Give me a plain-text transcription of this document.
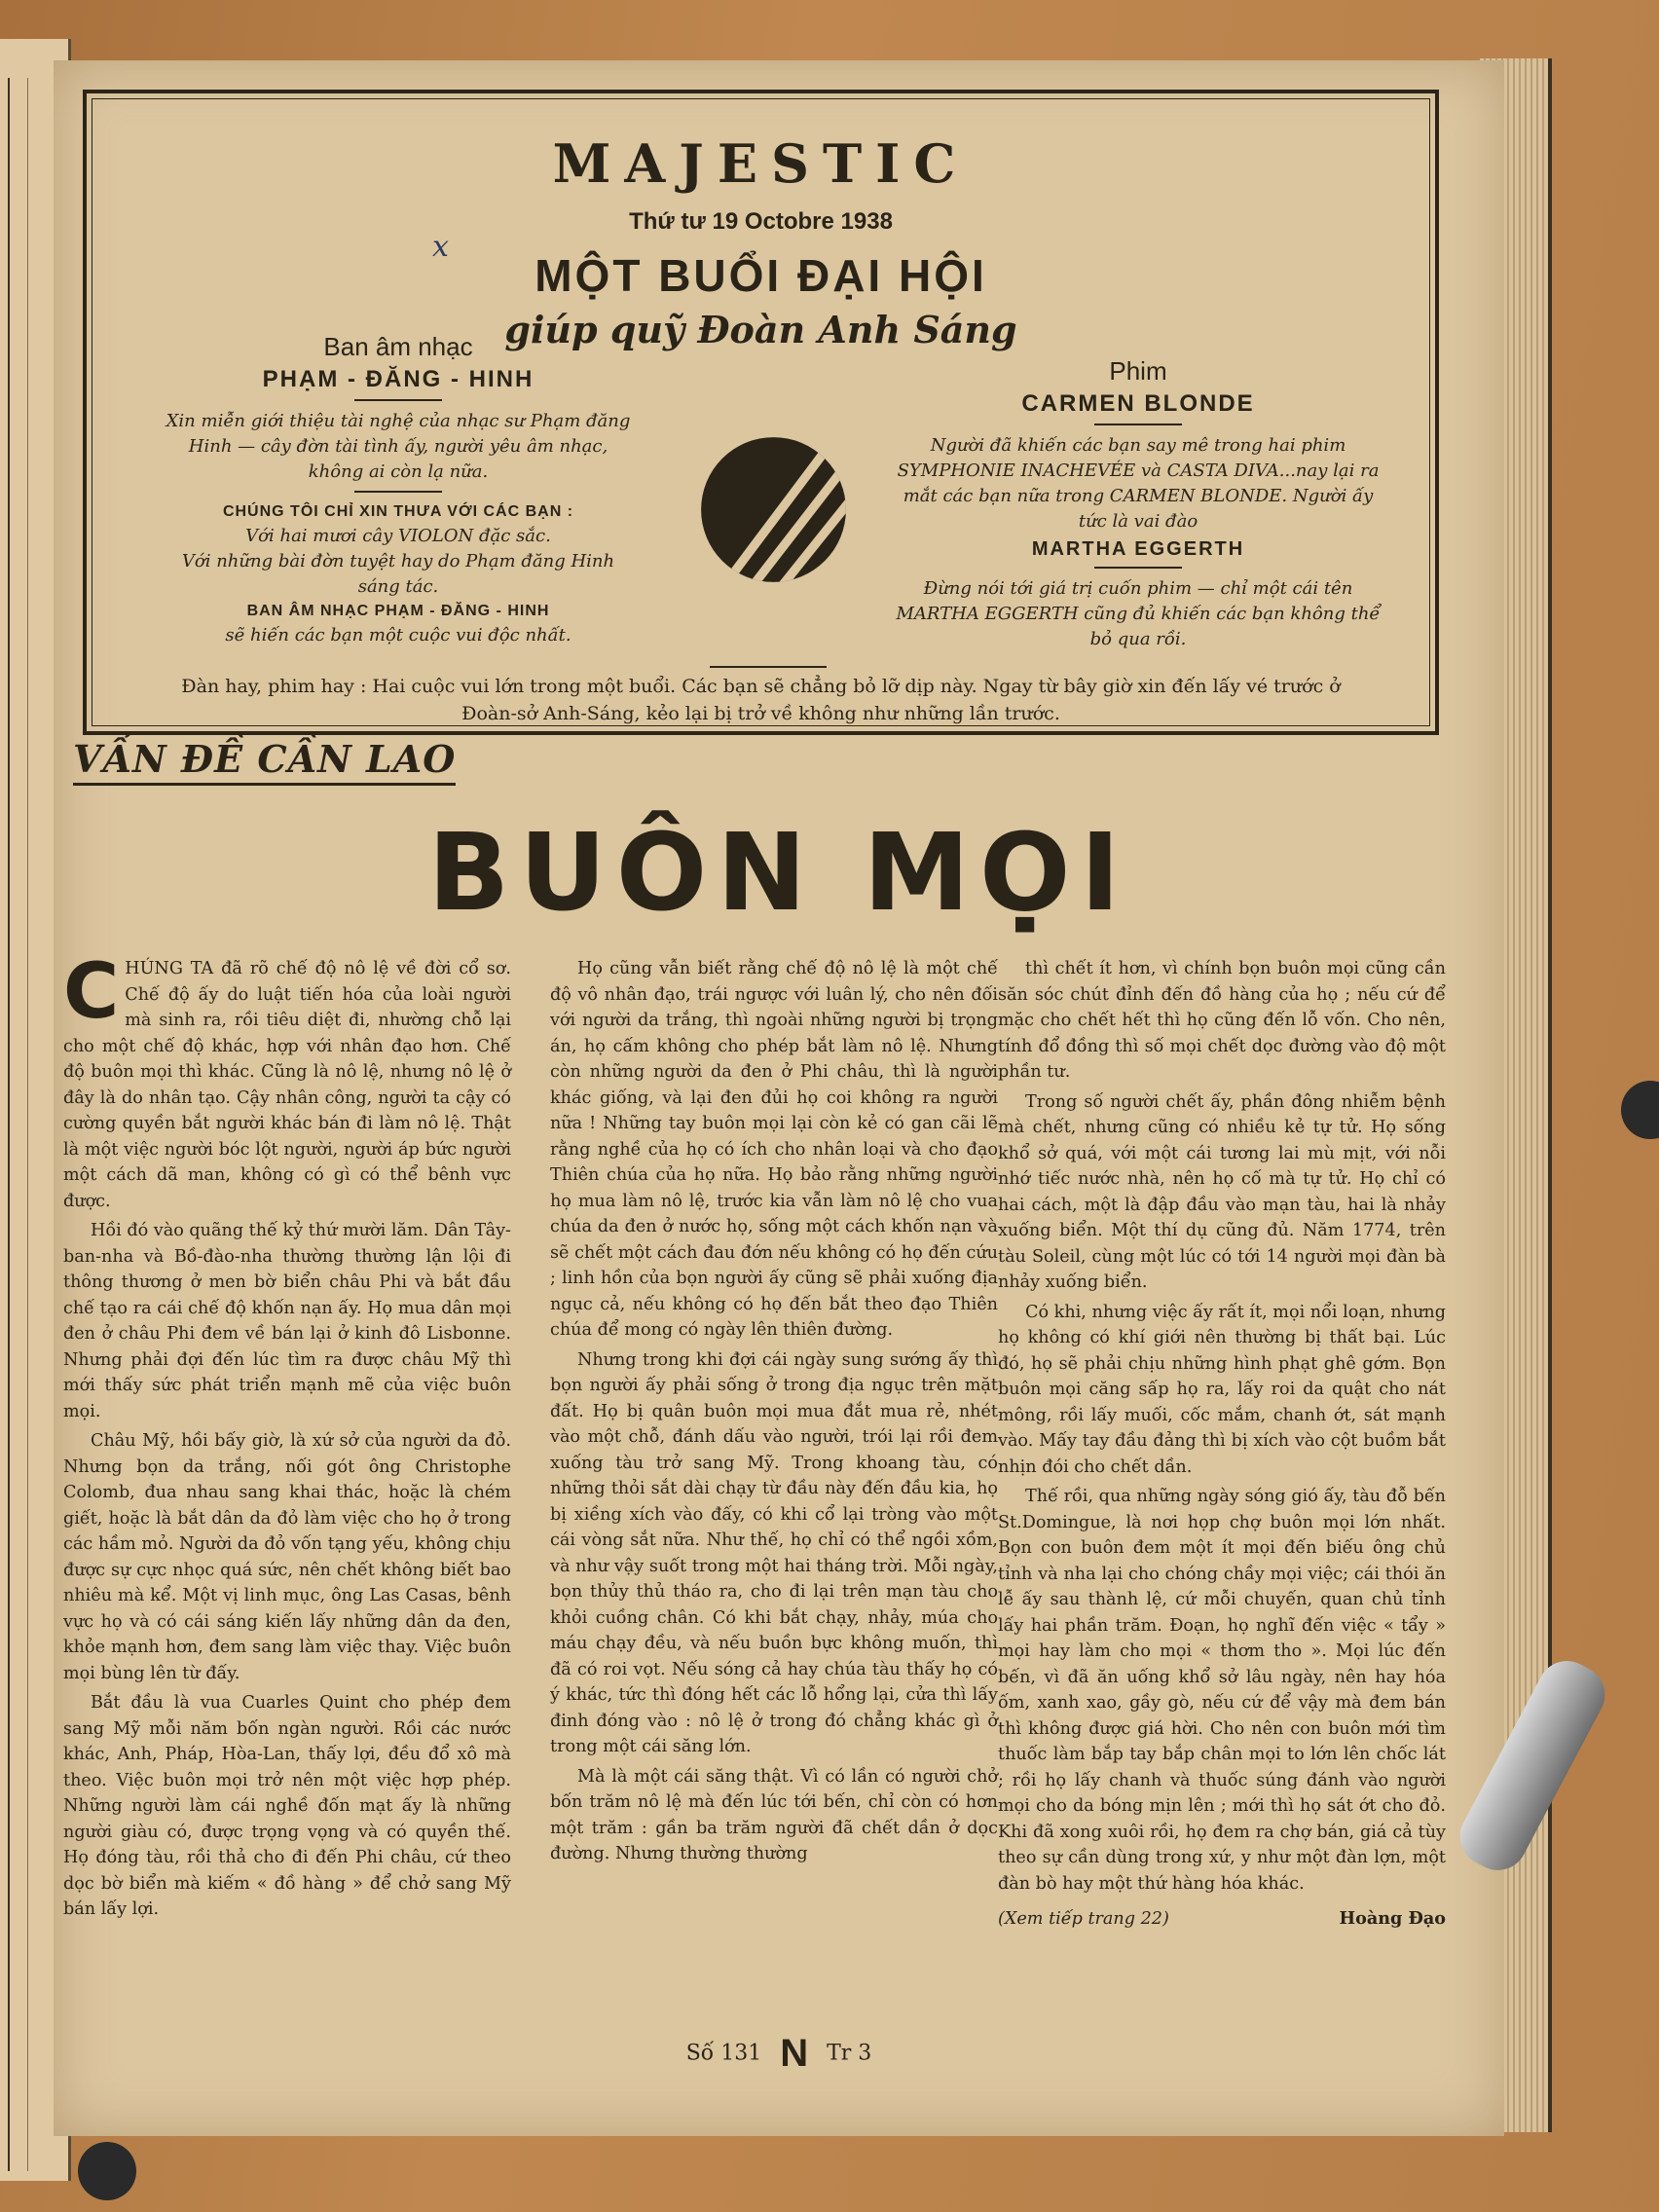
MAJESTIC
Thứ tư 19 Octobre 1938
x
MỘT BUỔI ĐẠI HỘI
giúp quỹ Đoàn Anh Sáng
Ban âm nhạc
PHẠM - ĐĂNG - HINH
Xin miễn giới thiệu tài nghệ của nhạc sư Phạm đăng Hinh — cây đờn tài tình ấy, người yêu âm nhạc, không ai còn lạ nữa.
CHÚNG TÔI CHỈ XIN THƯA VỚI CÁC BẠN :
Với hai mươi cây VIOLON đặc sắc.
Với những bài đờn tuyệt hay do Phạm đăng Hinh sáng tác.
BAN ÂM NHẠC PHẠM - ĐĂNG - HINH
sẽ hiến các bạn một cuộc vui độc nhất.
Phim
CARMEN BLONDE
Người đã khiến các bạn say mê trong hai phim SYMPHONIE INACHEVÉE và CASTA DIVA...nay lại ra mắt các bạn nữa trong CARMEN BLONDE. Người ấy tức là vai đào
MARTHA EGGERTH
Đừng nói tới giá trị cuốn phim — chỉ một cái tên MARTHA EGGERTH cũng đủ khiến các bạn không thể bỏ qua rồi.
Đàn hay, phim hay : Hai cuộc vui lớn trong một buổi. Các bạn sẽ chẳng bỏ lỡ dịp này. Ngay từ bây giờ xin đến lấy vé trước ở Đoàn-sở Anh-Sáng, kẻo lại bị trở về không như những lần trước.
VẤN ĐỀ CẦN LAO
BUÔN MỌI

CHÚNG TA đã rõ chế độ nô lệ về đời cổ sơ. Chế độ ấy do luật tiến hóa của loài người mà sinh ra, rồi tiêu diệt đi, nhường chỗ lại cho một chế độ khác, hợp với nhân đạo hơn. Chế độ buôn mọi thì khác. Cũng là nô lệ, nhưng nô lệ ở đây là do nhân tạo. Cậy nhân công, người ta cậy có cường quyền bắt người khác bán đi làm nô lệ. Thật là một việc người bóc lột người, người áp bức người một cách dã man, không có gì có thể bênh vực được.

Hồi đó vào quãng thế kỷ thứ mười lăm. Dân Tây-ban-nha và Bồ-đào-nha thường thường lận lội đi thông thương ở men bờ biển châu Phi và bắt đầu chế tạo ra cái chế độ khốn nạn ấy. Họ mua dân mọi đen ở châu Phi đem về bán lại ở kinh đô Lisbonne. Nhưng phải đợi đến lúc tìm ra được châu Mỹ thì mới thấy sức phát triển mạnh mẽ của việc buôn mọi.

Châu Mỹ, hồi bấy giờ, là xứ sở của người da đỏ. Nhưng bọn da trắng, nối gót ông Christophe Colomb, đua nhau sang khai thác, hoặc là chém giết, hoặc là bắt dân da đỏ làm việc cho họ ở trong các hầm mỏ. Người da đỏ vốn tạng yếu, không chịu được sự cực nhọc quá sức, nên chết không biết bao nhiêu mà kể. Một vị linh mục, ông Las Casas, bênh vực họ và có cái sáng kiến lấy những dân da đen, khỏe mạnh hơn, đem sang làm việc thay. Việc buôn mọi bùng lên từ đấy.

Bắt đầu là vua Cuarles Quint cho phép đem sang Mỹ mỗi năm bốn ngàn người. Rồi các nước khác, Anh, Pháp, Hòa-Lan, thấy lợi, đều đổ xô mà theo. Việc buôn mọi trở nên một việc hợp phép. Những người làm cái nghề đốn mạt ấy là những người giàu có, được trọng vọng và có quyền thế. Họ đóng tàu, rồi thả cho đi đến Phi châu, cứ theo dọc bờ biển mà kiếm « đồ hàng » để chở sang Mỹ bán lấy lợi.

Họ cũng vẫn biết rằng chế độ nô lệ là một chế độ vô nhân đạo, trái ngược với luân lý, cho nên đối với người da trắng, thì ngoài những người bị trọng án, họ cấm không cho phép bắt làm nô lệ. Nhưng còn những người da đen ở Phi châu, thì là người khác giống, và lại đen đủi họ coi không ra người nữa ! Những tay buôn mọi lại còn kẻ có gan cãi lẽ rằng nghề của họ có ích cho nhân loại và cho đạo Thiên chúa của họ nữa. Họ bảo rằng những người họ mua làm nô lệ, trước kia vẫn làm nô lệ cho vua chúa da đen ở nước họ, sống một cách khốn nạn và sẽ chết một cách đau đớn nếu không có họ đến cứu ; linh hồn của bọn người ấy cũng sẽ phải xuống địa ngục cả, nếu không có họ đến bắt theo đạo Thiên chúa để mong có ngày lên thiên đường.

Nhưng trong khi đợi cái ngày sung sướng ấy thì bọn người ấy phải sống ở trong địa ngục trên mặt đất. Họ bị quân buôn mọi mua đắt mua rẻ, nhét vào một chỗ, đánh dấu vào người, trói lại rồi đem xuống tàu trở sang Mỹ. Trong khoang tàu, có những thỏi sắt dài chạy từ đầu này đến đầu kia, họ bị xiềng xích vào đấy, có khi cổ lại tròng vào một cái vòng sắt nữa. Như thế, họ chỉ có thể ngồi xồm, và như vậy suốt trong một hai tháng trời. Mỗi ngày, bọn thủy thủ tháo ra, cho đi lại trên mạn tàu cho khỏi cuồng chân. Có khi bắt chạy, nhảy, múa cho máu chạy đều, và nếu buồn bực không muốn, thì đã có roi vọt. Nếu sóng cả hay chúa tàu thấy họ có ý khác, tức thì đóng hết các lỗ hổng lại, cửa thì lấy đinh đóng vào : nô lệ ở trong đó chẳng khác gì ở trong một cái săng lớn.

Mà là một cái săng thật. Vì có lần có người chở bốn trăm nô lệ mà đến lúc tới bến, chỉ còn có hơn một trăm : gần ba trăm người đã chết dần ở dọc đường. Nhưng thường thường

thì chết ít hơn, vì chính bọn buôn mọi cũng cần săn sóc chút đỉnh đến đồ hàng của họ ; nếu cứ để mặc cho chết hết thì họ cũng đến lỗ vốn. Cho nên, tính đổ đồng thì số mọi chết dọc đường vào độ một phần tư.

Trong số người chết ấy, phần đông nhiễm bệnh mà chết, nhưng cũng có nhiều kẻ tự tử. Họ sống khổ sở quá, với một cái tương lai mù mịt, với nỗi nhớ tiếc nước nhà, nên họ cố mà tự tử. Họ chỉ có hai cách, một là đập đầu vào mạn tàu, hai là nhảy xuống biển. Một thí dụ cũng đủ. Năm 1774, trên tàu Soleil, cùng một lúc có tới 14 người mọi đàn bà nhảy xuống biển.

Có khi, nhưng việc ấy rất ít, mọi nổi loạn, nhưng họ không có khí giới nên thường bị thất bại. Lúc đó, họ sẽ phải chịu những hình phạt ghê gớm. Bọn buôn mọi căng sấp họ ra, lấy roi da quật cho nát mông, rồi lấy muối, cốc mắm, chanh ớt, sát mạnh vào. Mấy tay đầu đảng thì bị xích vào cột buồm bắt nhịn đói cho chết dần.

Thế rồi, qua những ngày sóng gió ấy, tàu đỗ bến St.Domingue, là nơi họp chợ buôn mọi lớn nhất. Bọn con buôn đem một ít mọi đến biếu ông chủ tỉnh và nha lại cho chóng chầy mọi việc; cái thói ăn lễ ấy sau thành lệ, cứ mỗi chuyến, quan chủ tỉnh lấy hai phần trăm. Đoạn, họ nghĩ đến việc « tẩy » mọi hay làm cho mọi « thơm tho ». Mọi lúc đến bến, vì đã ăn uống khổ sở lâu ngày, nên hay hóa ốm, xanh xao, gầy gò, nếu cứ để vậy mà đem bán thì không được giá hời. Cho nên con buôn mới tìm thuốc làm bắp tay bắp chân mọi to lớn lên chốc lát ; rồi họ lấy chanh và thuốc súng đánh vào người mọi cho da bóng mịn lên ; mới thì họ sát ớt cho đỏ. Khi đã xong xuôi rồi, họ đem ra chợ bán, giá cả tùy theo sự cần dùng trong xứ, y như một đàn lợn, một đàn bò hay một thứ hàng hóa khác.

(Xem tiếp trang 22)	Hoàng Đạo

Số 131 N Tr 3
